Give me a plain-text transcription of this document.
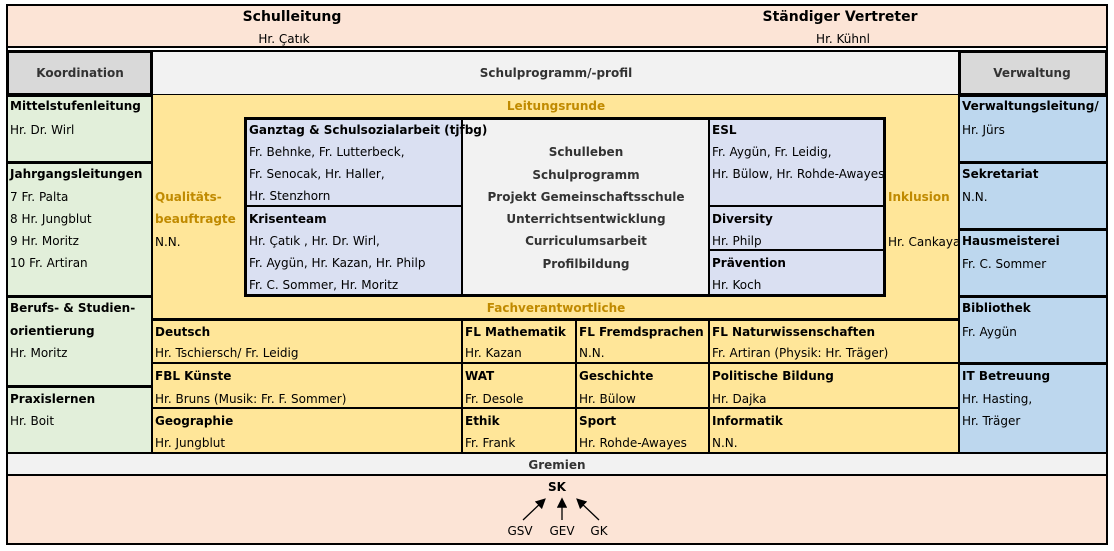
Schulleitung
Hr. Çatık
Ständiger Vertreter
Hr. Kühnl
Koordination	Schulprogramm/-profil	Verwaltung
Mittelstufenleitung
Hr. Dr. Wirl
Jahrgangsleitungen
7 Fr. Palta
8 Hr. Jungblut
9 Hr. Moritz
10 Fr. Artiran
Berufs- & Studien-
orientierung
Hr. Moritz
Praxislernen
Hr. Boit
Verwaltungsleitung/
Hr. Jürs
Sekretariat
N.N.
Hausmeisterei
Fr. C. Sommer
Bibliothek
Fr. Aygün
IT Betreuung
Hr. Hasting,
Hr. Träger
Leitungsrunde
Qualitäts-
beauftragte
N.N.
Inklusion
Hr. Cankaya
Ganztag & Schulsozialarbeit (tjfbg)
Fr. Behnke, Fr. Lutterbeck,
Fr. Senocak, Hr. Haller,
Hr. Stenzhorn
Krisenteam
Hr. Çatık , Hr. Dr. Wirl,
Fr. Aygün, Hr. Kazan, Hr. Philp
Fr. C. Sommer, Hr. Moritz
Schulleben
Schulprogramm
Projekt Gemeinschaftsschule
Unterrichtsentwicklung
Curriculumsarbeit
Profilbildung
ESL
Fr. Aygün, Fr. Leidig,
Hr. Bülow, Hr. Rohde-Awayes
Diversity
Hr. Philp
Prävention
Hr. Koch
Fachverantwortliche
Deutsch
Hr. Tschiersch/ Fr. Leidig
FL Mathematik
Hr. Kazan
FL Fremdsprachen
N.N.
FL Naturwissenschaften
Fr. Artiran (Physik: Hr. Träger)
FBL Künste
Hr. Bruns (Musik: Fr. F. Sommer)
WAT
Fr. Desole
Geschichte
Hr. Bülow
Politische Bildung
Hr. Dajka
Geographie
Hr. Jungblut
Ethik
Fr. Frank
Sport
Hr. Rohde-Awayes
Informatik
N.N.
Gremien
SK
GSV GEV GK
